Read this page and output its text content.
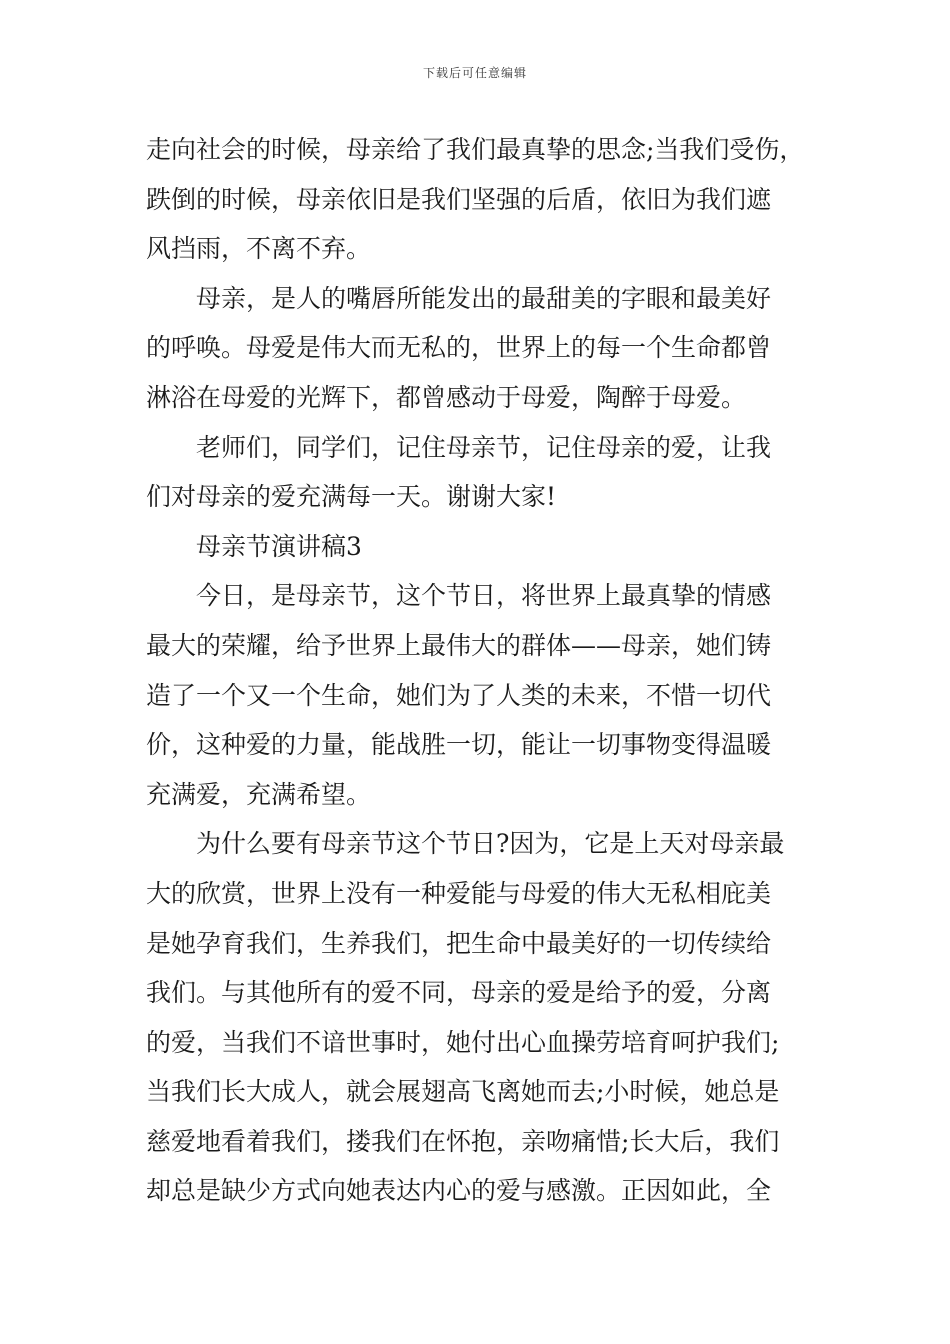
下载后可任意编辑
走向社会的时候，母亲给了我们最真挚的思念;当我们受伤，
跌倒的时候，母亲依旧是我们坚强的后盾，依旧为我们遮
风挡雨，不离不弃。
母亲，是人的嘴唇所能发出的最甜美的字眼和最美好
的呼唤。母爱是伟大而无私的，世界上的每一个生命都曾
淋浴在母爱的光辉下，都曾感动于母爱，陶醉于母爱。
老师们，同学们，记住母亲节，记住母亲的爱，让我
们对母亲的爱充满每一天。谢谢大家!
母亲节演讲稿3
今日，是母亲节，这个节日，将世界上最真挚的情感
最大的荣耀，给予世界上最伟大的群体——母亲，她们铸
造了一个又一个生命，她们为了人类的未来，不惜一切代
价，这种爱的力量，能战胜一切，能让一切事物变得温暖
充满爱，充满希望。
为什么要有母亲节这个节日?因为，它是上天对母亲最
大的欣赏，世界上没有一种爱能与母爱的伟大无私相庇美
是她孕育我们，生养我们，把生命中最美好的一切传续给
我们。与其他所有的爱不同，母亲的爱是给予的爱，分离
的爱，当我们不谙世事时，她付出心血操劳培育呵护我们;
当我们长大成人，就会展翅高飞离她而去;小时候，她总是
慈爱地看着我们，搂我们在怀抱，亲吻痛惜;长大后，我们
却总是缺少方式向她表达内心的爱与感激。正因如此，全
